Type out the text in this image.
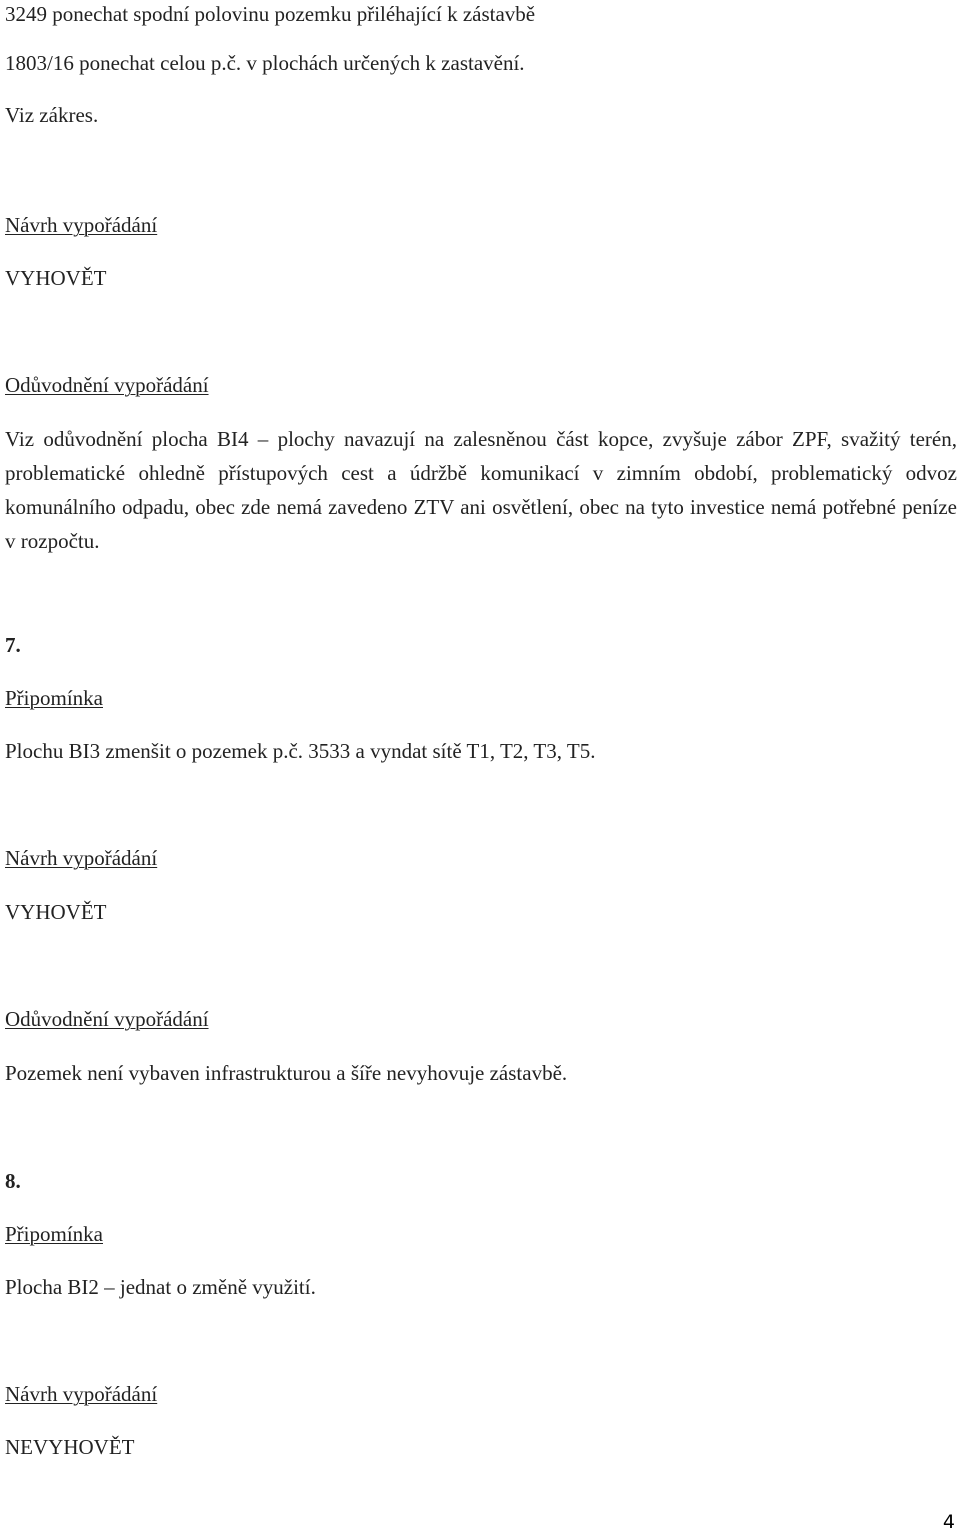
3249 ponechat spodní polovinu pozemku přiléhající k zástavbě
1803/16 ponechat celou p.č. v plochách určených k zastavění.
Viz zákres.
Návrh vypořádání
VYHOVĚT
Odůvodnění vypořádání
Viz odůvodnění plocha BI4 – plochy navazují na zalesněnou část kopce, zvyšuje zábor ZPF, svažitý terén, problematické ohledně přístupových cest a údržbě komunikací v zimním období, problematický odvoz komunálního odpadu, obec zde nemá zavedeno ZTV ani osvětlení, obec na tyto investice nemá potřebné peníze v rozpočtu.
7.
Připomínka
Plochu BI3 zmenšit o pozemek p.č. 3533 a vyndat sítě T1, T2, T3, T5.
Návrh vypořádání
VYHOVĚT
Odůvodnění vypořádání
Pozemek není vybaven infrastrukturou a šíře nevyhovuje zástavbě.
8.
Připomínka
Plocha BI2 – jednat o změně využití.
Návrh vypořádání
NEVYHOVĚT
4
